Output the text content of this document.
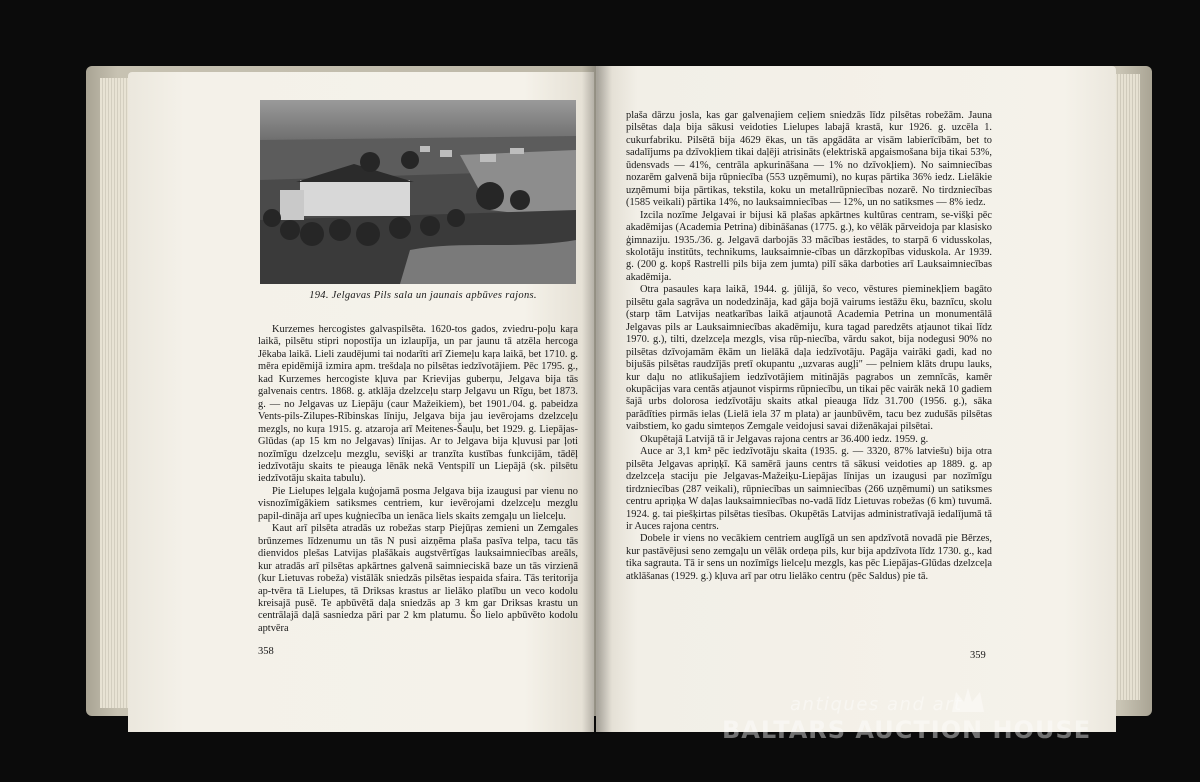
194. Jelgavas Pils sala un jaunais apbūves rajons.

Kurzemes hercogistes galvaspilsēta. 1620-tos gados, zviedru-poļu kaŗa laikā, pilsētu stipri nopostīja un izlaupīja, un par jaunu tā atzēla hercoga Jēkaba laikā. Lieli zaudējumi tai nodarīti arī Ziemeļu kaŗa laikā, bet 1710. g. mēra epidēmijā izmira apm. trešdaļa no pilsētas iedzīvotājiem. Pēc 1795. g., kad Kurzemes hercogiste kļuva par Krievijas guberņu, Jelgava bija tās galvenais centrs. 1868. g. atklāja dzelzceļu starp Jelgavu un Rīgu, bet 1873. g. — no Jelgavas uz Liepāju (caur Mažeikiem), bet 1901./04. g. pabeidza Vents-pils-Zilupes-Rībinskas līniju, Jelgava bija jau ievērojams dzelzceļu mezgls, no kuŗa 1915. g. atzaroja arī Meitenes-Šauļu, bet 1929. g. Liepājas-Glūdas (ap 15 km no Jelgavas) līnijas. Ar to Jelgava bija kļuvusi par ļoti nozīmīgu dzelzceļu mezglu, sevišķi ar tranzīta kustības funkcijām, tādēļ iedzīvotāju skaits te pieauga lēnāk nekā Ventspilī un Liepājā (sk. pilsētu iedzīvotāju skaita tabulu).

Pie Lielupes leļgala kuģojamā posma Jelgava bija izaugusi par vienu no visnozīmīgākiem satiksmes centriem, kur ievērojami dzelzceļu mezglu papil-dināja arī upes kuģniecība un ienāca liels skaits zemgaļu un lielceļu.

Kaut arī pilsēta atradās uz robežas starp Piejūŗas zemieni un Zemgales brūnzemes līdzenumu un tās N pusi aizņēma plaša pasīva telpa, tacu tās dienvidos plešas Latvijas plašākais augstvērtīgas lauksaimniecības areāls, kur atradās arī pilsētas apkārtnes galvenā saimnieciskā baze un tās virzienā (kur Lietuvas robeža) vistālāk sniedzās pilsētas iespaida sfaira. Tās teritorija ap-tvēra tā Lielupes, tā Driksas krastus ar lielāko platību un veco kodolu kreisajā pusē. Te apbūvētā daļa sniedzās ap 3 km gar Driksas krastu un centrālajā daļā sasniedza pāri par 2 km platumu. Šo lielo apbūvēto kodolu aptvēra

358

plaša dārzu josla, kas gar galvenajiem ceļiem sniedzās līdz pilsētas robežām. Jauna pilsētas daļa bija sākusi veidoties Lielupes labajā krastā, kur 1926. g. uzcēla 1. cukurfabriku. Pilsētā bija 4629 ēkas, un tās apgādāta ar visām labierīcībām, bet to sadalījums pa dzīvokļiem tikai daļēji atrisināts (elektriskā apgaismošana bija tikai 53%, ūdensvads — 41%, centrāla apkurināšana — 1% no dzīvokļiem). No saimniecības nozarēm galvenā bija rūpniecība (553 uzņēmumi), no kuŗas pārtika 36% iedz. Lielākie uzņēmumi bija pārtikas, tekstila, koku un metallrūpniecības nozarē. No tirdzniecības (1585 veikali) pārtika 14%, no lauksaimniecības — 12%, un no satiksmes — 8% iedz.

Izcila nozīme Jelgavai ir bijusi kā plašas apkārtnes kultūras centram, se-višķi pēc akadēmijas (Academia Petrina) dibināšanas (1775. g.), ko vēlāk pārveidoja par klasisko ģimnaziju. 1935./36. g. Jelgavā darbojās 33 mācības iestādes, to starpā 6 vidusskolas, skolotāju institūts, technikums, lauksaimnie-cības un dārzkopības viduskola. Ar 1939. g. (200 g. kopš Rastrelli pils bija zem jumta) pilī sāka darboties arī Lauksaimniecības akadēmija.

Otra pasaules kaŗa laikā, 1944. g. jūlijā, šo veco, vēstures pieminekļiem bagāto pilsētu gala sagrāva un nodedzināja, kad gāja bojā vairums iestāžu ēku, baznīcu, skolu (starp tām Latvijas neatkarības laikā atjaunotā Academia Petrina un monumentālā Jelgavas pils ar Lauksaimniecības akadēmiju, kura tagad paredzēts atjaunot tikai līdz 1970. g.), tilti, dzelzceļa mezgls, visa rūp-niecība, vārdu sakot, bija nodegusi 90% no pilsētas dzīvojamām ēkām un lielākā daļa iedzīvotāju. Pagāja vairāki gadi, kad no bijušās pilsētas raudzījās pretī okupantu „uzvaras augļi" — pelniem klāts drupu lauks, kur daļu no atlikušajiem iedzīvotājiem mitinājās pagrabos un zemnīcās, kamēr okupācijas vara centās atjaunot vispirms rūpniecību, un tikai pēc vairāk nekā 10 gadiem šajā urbs dolorosa iedzīvotāju skaits atkal pieauga līdz 31.700 (1956. g.), sāka parādīties pirmās ielas (Lielā iela 37 m plata) ar jaunbūvēm, tacu bez zudušās pilsētas vaibstiem, ko gadu simteņos Zemgale veidojusi savai diženākajai pilsētai.

Okupētajā Latvijā tā ir Jelgavas rajona centrs ar 36.400 iedz. 1959. g.

Auce ar 3,1 km² pēc iedzīvotāju skaita (1935. g. — 3320, 87% latviešu) bija otra pilsēta Jelgavas apriņķī. Kā samērā jauns centrs tā sākusi veidoties ap 1889. g. ap dzelzceļa staciju pie Jelgavas-Mažeiķu-Liepājas līnijas un izaugusi par nozīmīgu tirdzniecības (287 veikali), rūpniecības un saimniecības (266 uzņēmumi) un satiksmes centru apriņķa W daļas lauksaimniecības no-vadā līdz Lietuvas robežas (6 km) tuvumā. 1924. g. tai piešķirtas pilsētas tiesības. Okupētās Latvijas administratīvajā iedalījumā tā ir Auces rajona centrs.

Dobele ir viens no vecākiem centriem auglīgā un sen apdzīvotā novadā pie Bērzes, kur pastāvējusi seno zemgaļu un vēlāk ordeņa pils, kur bija apdzīvota līdz 1730. g., kad tika sagrauta. Tā ir sens un nozīmīgs lielceļu mezgls, kas pēc Liepājas-Glūdas dzelzceļa atklāšanas (1929. g.) kļuva arī par otru lielāko centru (pēc Saldus) pie tā.

359
antiques and art
BALTARS AUCTION HOUSE
